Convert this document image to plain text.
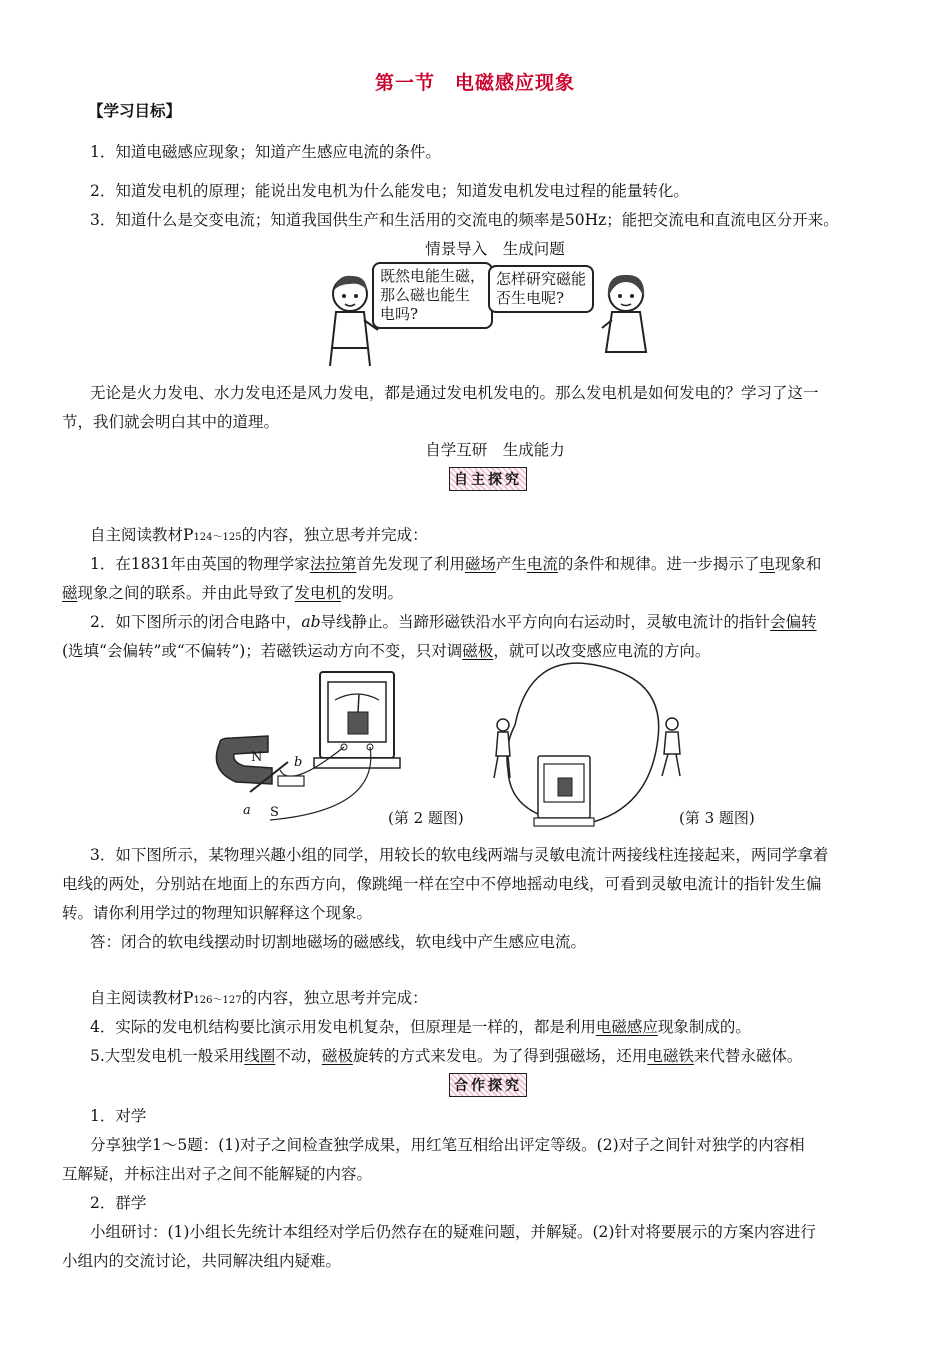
第一节　电磁感应现象
【学习目标】
1．知道电磁感应现象；知道产生感应电流的条件。
2．知道发电机的原理；能说出发电机为什么能发电；知道发电机发电过程的能量转化。
3．知道什么是交变电流；知道我国供生产和生活用的交流电的频率是50Hz；能把交流电和直流电区分开来。
情景导入　生成问题
既然电能生磁，
那么磁也能生
电吗?
怎样研究磁能
否生电呢?
无论是火力发电、水力发电还是风力发电，都是通过发电机发电的。那么发电机是如何发电的？学习了这一
节，我们就会明白其中的道理。
自学互研　生成能力
自主探究
自主阅读教材P124～125的内容，独立思考并完成：
1．在1831年由英国的物理学家法拉第首先发现了利用磁场产生电流的条件和规律。进一步揭示了电现象和
磁现象之间的联系。并由此导致了发电机的发明。
2．如下图所示的闭合电路中，ab导线静止。当蹄形磁铁沿水平方向向右运动时，灵敏电流计的指针会偏转
(选填“会偏转”或“不偏转”)；若磁铁运动方向不变，只对调磁极，就可以改变感应电流的方向。
N
S
a
b
(第 2 题图)	(第 3 题图)
3．如下图所示，某物理兴趣小组的同学，用较长的软电线两端与灵敏电流计两接线柱连接起来，两同学拿着
电线的两处，分别站在地面上的东西方向，像跳绳一样在空中不停地摇动电线，可看到灵敏电流计的指针发生偏
转。请你利用学过的物理知识解释这个现象。
答：闭合的软电线摆动时切割地磁场的磁感线，软电线中产生感应电流。
自主阅读教材P126～127的内容，独立思考并完成：
4．实际的发电机结构要比演示用发电机复杂，但原理是一样的，都是利用电磁感应现象制成的。
5.大型发电机一般采用线圈不动，磁极旋转的方式来发电。为了得到强磁场，还用电磁铁来代替永磁体。
合作探究
1．对学
分享独学1～5题：(1)对子之间检查独学成果，用红笔互相给出评定等级。(2)对子之间针对独学的内容相
互解疑，并标注出对子之间不能解疑的内容。
2．群学
小组研讨：(1)小组长先统计本组经对学后仍然存在的疑难问题，并解疑。(2)针对将要展示的方案内容进行
小组内的交流讨论，共同解决组内疑难。
